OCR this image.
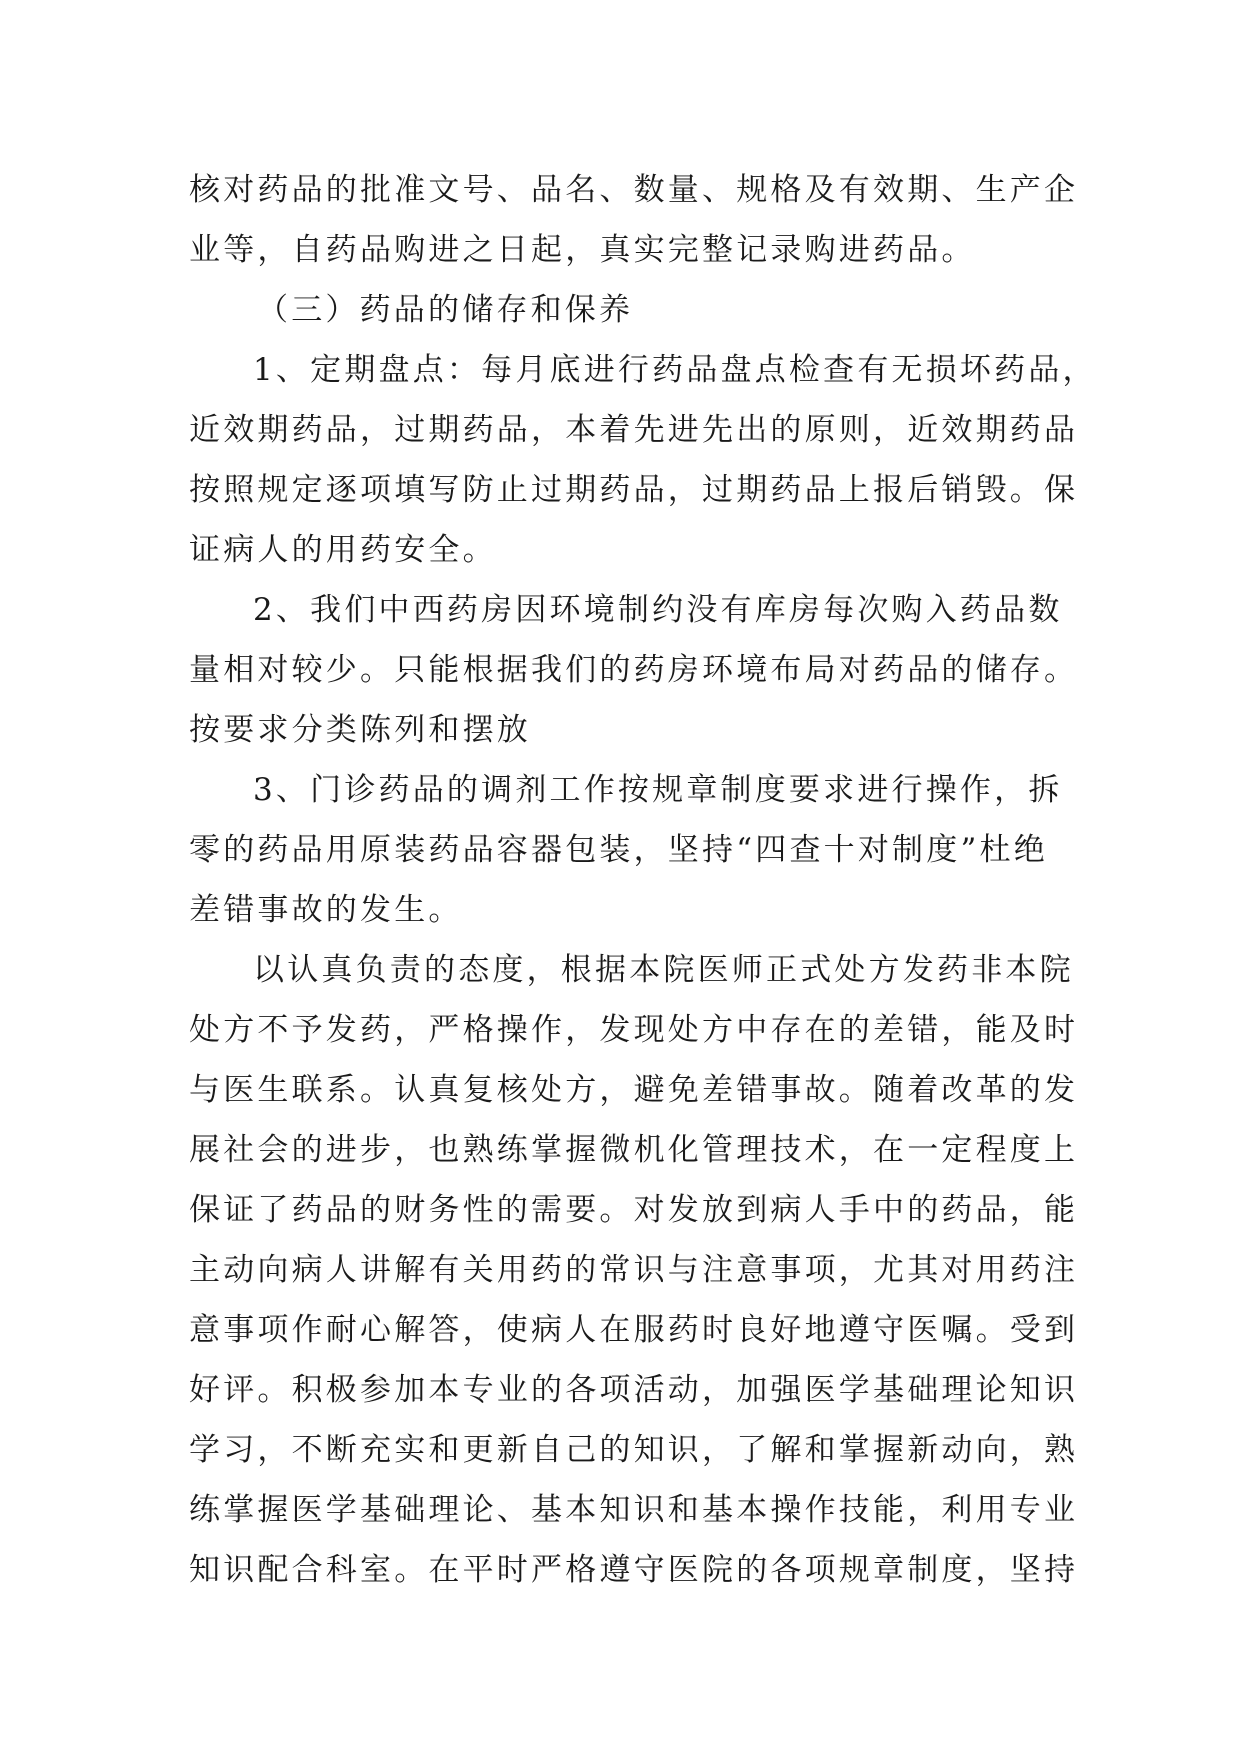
核对药品的批准文号、品名、数量、规格及有效期、生产企
业等，自药品购进之日起，真实完整记录购进药品。
（三）药品的储存和保养
1、定期盘点：每月底进行药品盘点检查有无损坏药品，
近效期药品，过期药品，本着先进先出的原则，近效期药品
按照规定逐项填写防止过期药品，过期药品上报后销毁。保
证病人的用药安全。
2、我们中西药房因环境制约没有库房每次购入药品数
量相对较少。只能根据我们的药房环境布局对药品的储存。
按要求分类陈列和摆放
3、门诊药品的调剂工作按规章制度要求进行操作，拆
零的药品用原装药品容器包装，坚持“四查十对制度”杜绝
差错事故的发生。
以认真负责的态度，根据本院医师正式处方发药非本院
处方不予发药，严格操作，发现处方中存在的差错，能及时
与医生联系。认真复核处方，避免差错事故。随着改革的发
展社会的进步，也熟练掌握微机化管理技术，在一定程度上
保证了药品的财务性的需要。对发放到病人手中的药品，能
主动向病人讲解有关用药的常识与注意事项，尤其对用药注
意事项作耐心解答，使病人在服药时良好地遵守医嘱。受到
好评。积极参加本专业的各项活动，加强医学基础理论知识
学习，不断充实和更新自己的知识，了解和掌握新动向，熟
练掌握医学基础理论、基本知识和基本操作技能，利用专业
知识配合科室。在平时严格遵守医院的各项规章制度，坚持
